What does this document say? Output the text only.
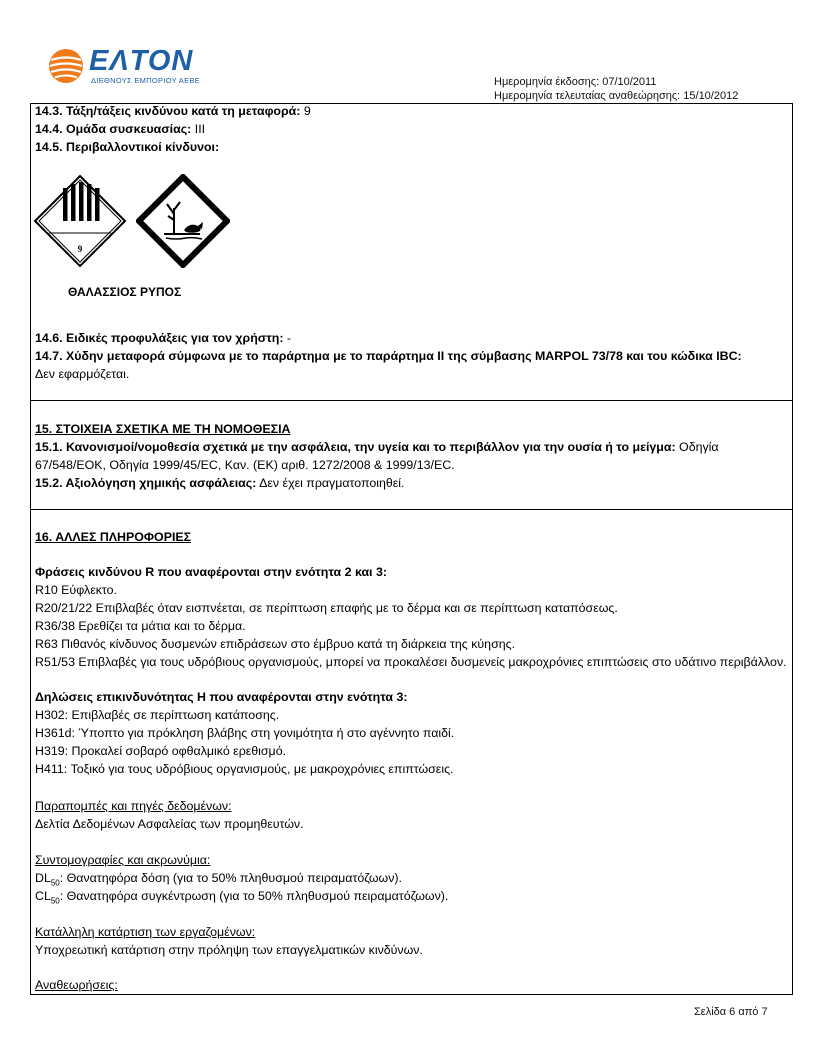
EΛTON
ΔΙΕΘΝΟΥΣ ΕΜΠΟΡΙΟΥ ΑΕΒΕ	Ημερομηνία έκδοσης: 07/10/2011
Ημερομηνία τελευταίας αναθεώρησης: 15/10/2012
14.3. Τάξη/τάξεις κινδύνου κατά τη μεταφορά: 9
14.4. Ομάδα συσκευασίας: III
14.5. Περιβαλλοντικοί κίνδυνοι:
9
ΘΑΛΑΣΣΙΟΣ ΡΥΠΟΣ
14.6. Ειδικές προφυλάξεις για τον χρήστη: -
14.7. Χύδην μεταφορά σύμφωνα με το παράρτημα με το παράρτημα ΙΙ της σύμβασης MARPOL 73/78 και του κώδικα IBC:
Δεν εφαρμόζεται.
15. ΣΤΟΙΧΕΙΑ ΣΧΕΤΙΚΑ ΜΕ ΤΗ ΝΟΜΟΘΕΣΙΑ
15.1. Κανονισμοί/νομοθεσία σχετικά με την ασφάλεια, την υγεία και το περιβάλλον για την ουσία ή το μείγμα: Οδηγία
67/548/ΕΟΚ, Οδηγία 1999/45/EC, Καν. (ΕΚ) αριθ. 1272/2008 & 1999/13/EC.
15.2. Αξιολόγηση χημικής ασφάλειας: Δεν έχει πραγματοποιηθεί.
16. ΑΛΛΕΣ ΠΛΗΡΟΦΟΡΙΕΣ
Φράσεις κινδύνου R που αναφέρονται στην ενότητα 2 και 3:
R10 Εύφλεκτο.
R20/21/22 Επιβλαβές όταν εισπνέεται, σε περίπτωση επαφής με το δέρμα και σε περίπτωση καταπόσεως.
R36/38 Ερεθίζει τα μάτια και το δέρμα.
R63 Πιθανός κίνδυνος δυσμενών επιδράσεων στο έμβρυο κατά τη διάρκεια της κύησης.
R51/53 Επιβλαβές για τους υδρόβιους οργανισμούς, μπορεί να προκαλέσει δυσμενείς μακροχρόνιες επιπτώσεις στο υδάτινο περιβάλλον.
Δηλώσεις επικινδυνότητας Η που αναφέρονται στην ενότητα 3:
H302: Επιβλαβές σε περίπτωση κατάποσης.
H361d: Ύποπτο για πρόκληση βλάβης στη γονιμότητα ή στο αγέννητο παιδί.
H319: Προκαλεί σοβαρό οφθαλμικό ερεθισμό.
H411: Τοξικό για τους υδρόβιους οργανισμούς, με μακροχρόνιες επιπτώσεις.
Παραπομπές και πηγές δεδομένων:
Δελτία Δεδομένων Ασφαλείας των προμηθευτών.
Συντομογραφίες και ακρωνύμια:
$DL_{50}$: Θανατηφόρα δόση (για το 50% πληθυσμού πειραματόζωων).
$CL_{50}$: Θανατηφόρα συγκέντρωση (για το 50% πληθυσμού πειραματόζωων).
Κατάλληλη κατάρτιση των εργαζομένων:
Υποχρεωτική κατάρτιση στην πρόληψη των επαγγελματικών κινδύνων.
Αναθεωρήσεις:
Σελίδα 6 από 7
